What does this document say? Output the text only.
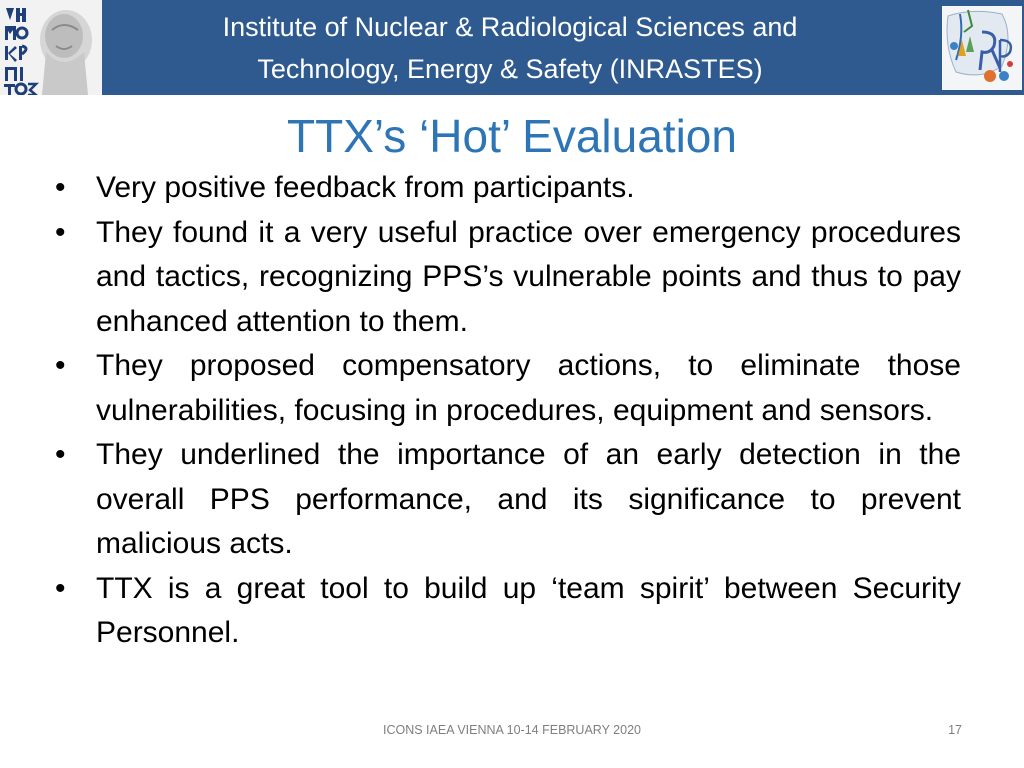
Institute of Nuclear & Radiological Sciences and
Technology, Energy & Safety (INRASTES)
TTX’s ‘Hot’ Evaluation
•	Very positive feedback from participants.
•	They found it a very useful practice over emergency procedures and tactics, recognizing PPS’s vulnerable points and thus to pay enhanced attention to them.
•	They proposed compensatory actions, to eliminate those vulnerabilities, focusing in procedures, equipment and sensors.
•	They underlined the importance of an early detection in the overall PPS performance, and its significance to prevent malicious acts.
•	TTX is a great tool to build up ‘team spirit’ between Security Personnel.
ICONS IAEA VIENNA 10-14 FEBRUARY 2020	17
